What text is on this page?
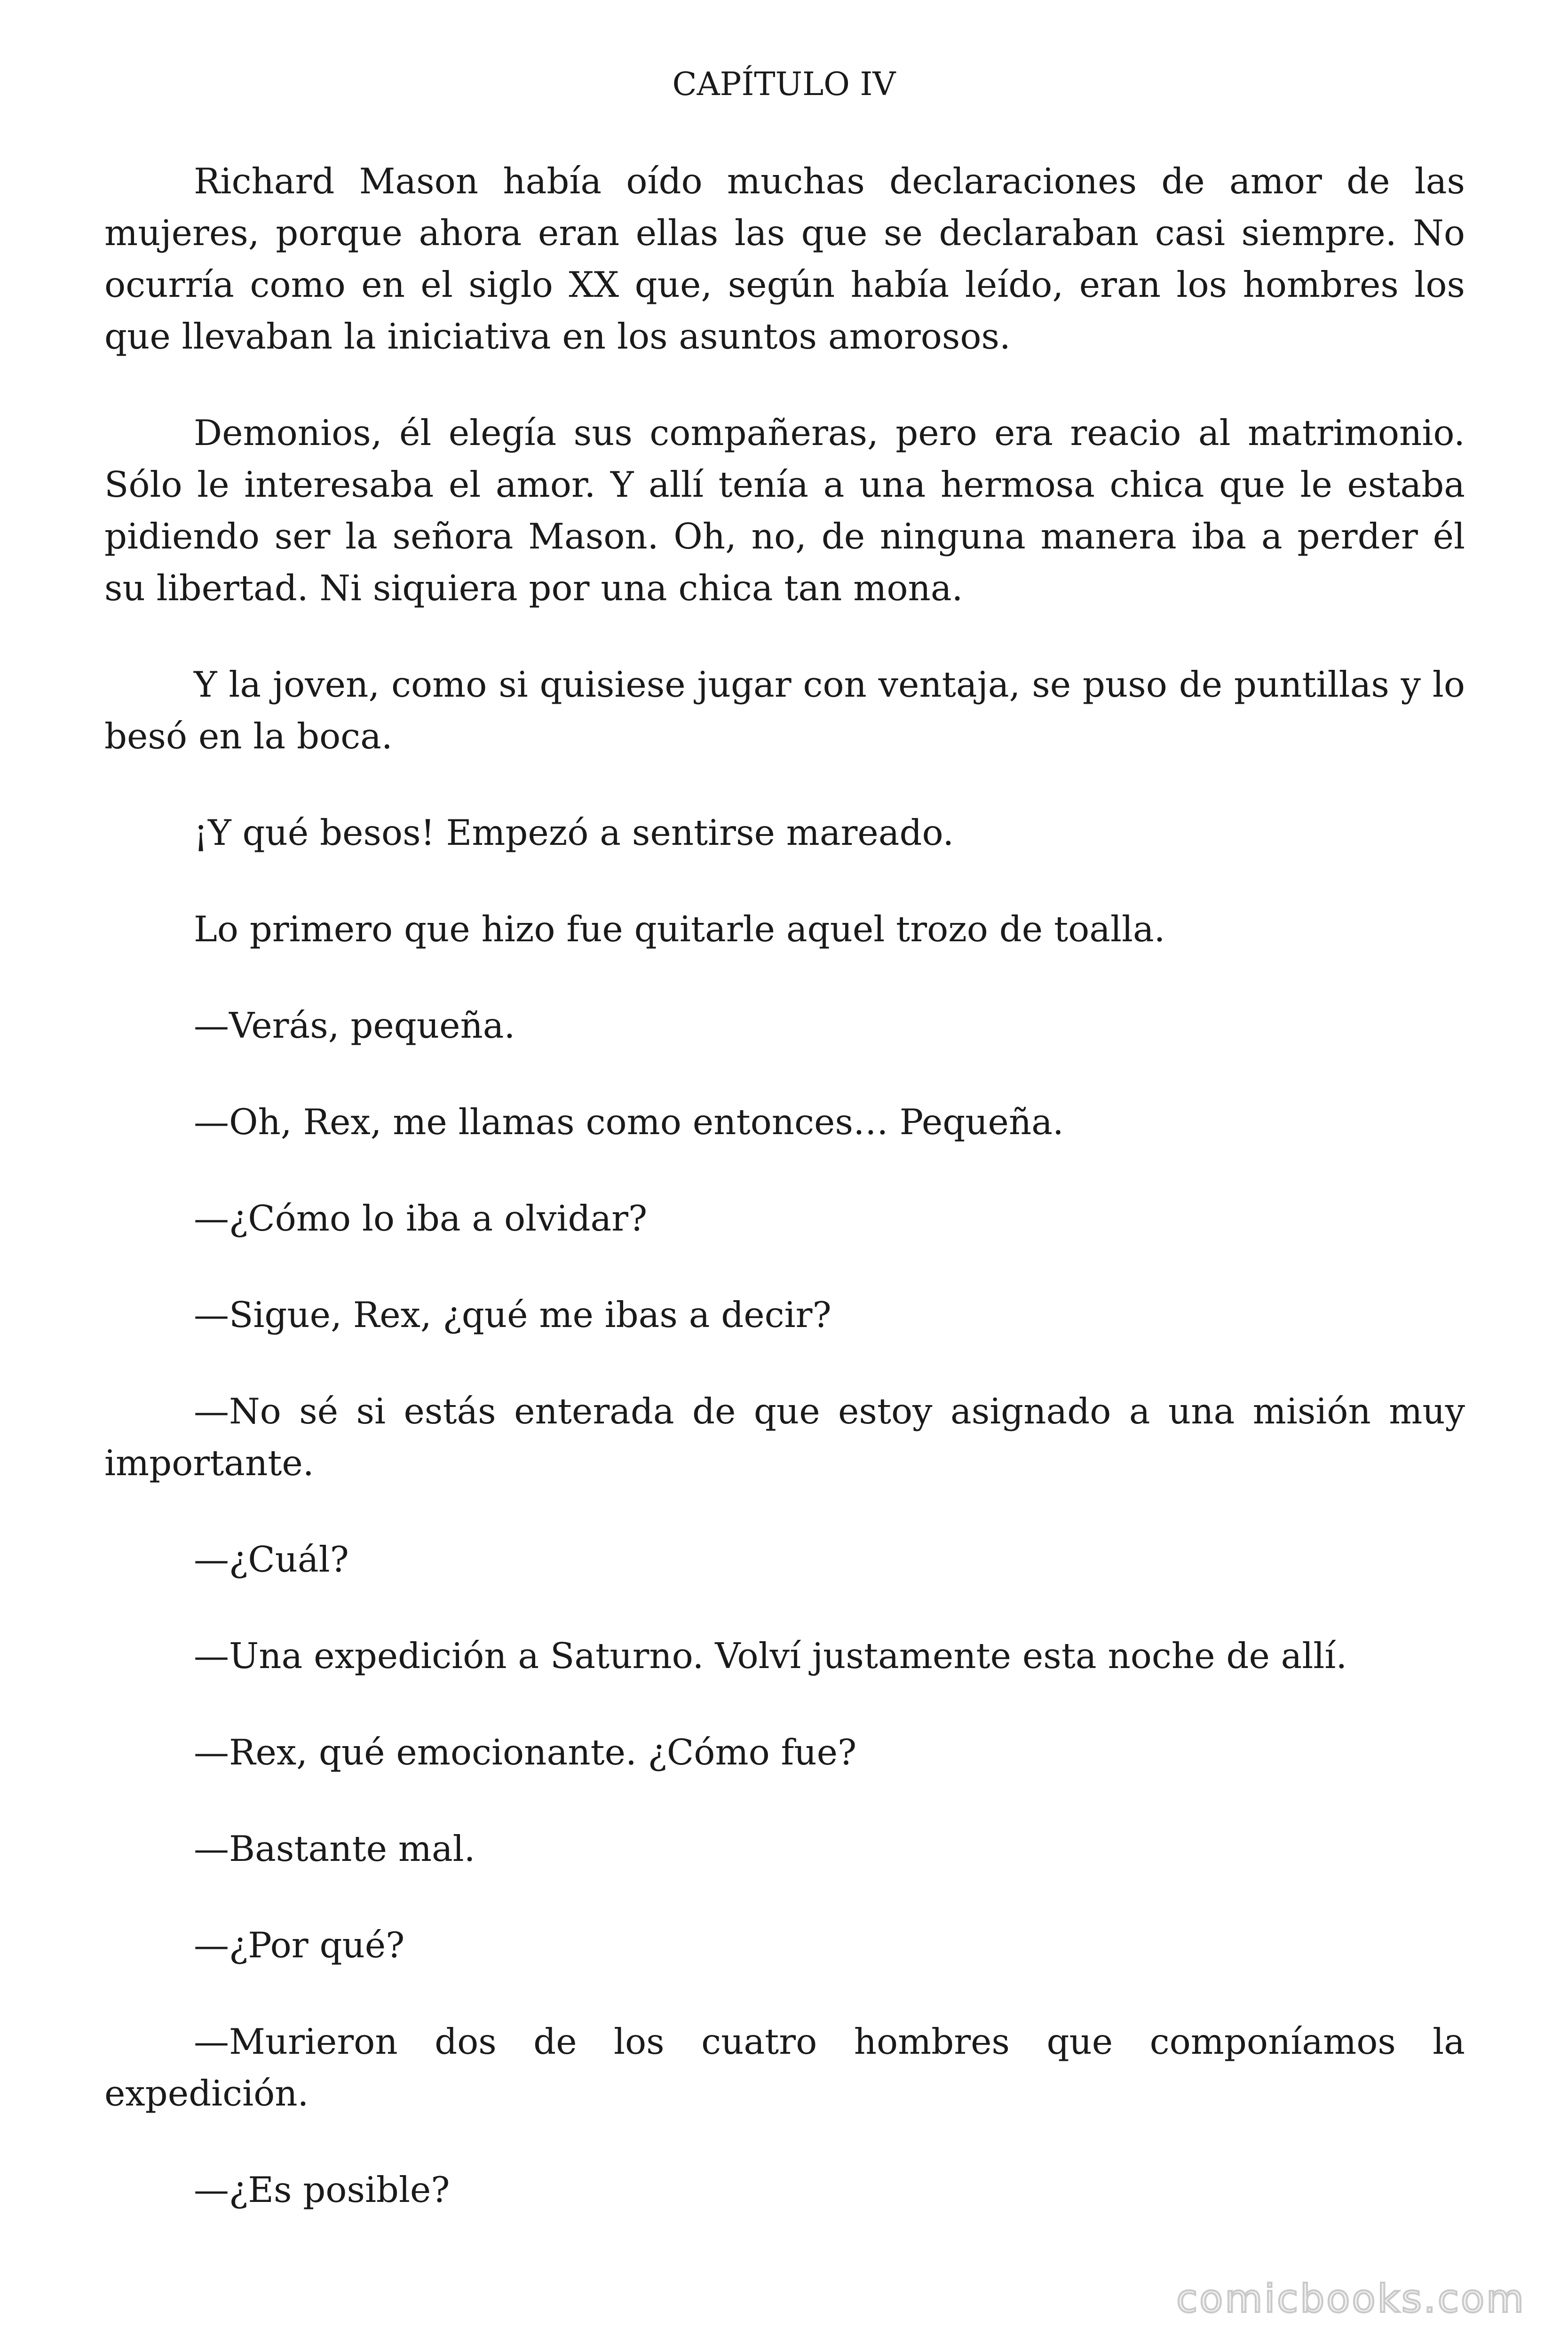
CAPÍTULO IV

Richard Mason había oído muchas declaraciones de amor de las mujeres, porque ahora eran ellas las que se declaraban casi siempre. No ocurría como en el siglo XX que, según había leído, eran los hombres los que llevaban la iniciativa en los asuntos amorosos.

Demonios, él elegía sus compañeras, pero era reacio al matrimonio. Sólo le interesaba el amor. Y allí tenía a una hermosa chica que le estaba pidiendo ser la señora Mason. Oh, no, de ninguna manera iba a perder él su libertad. Ni siquiera por una chica tan mona.

Y la joven, como si quisiese jugar con ventaja, se puso de puntillas y lo besó en la boca.

¡Y qué besos! Empezó a sentirse mareado.

Lo primero que hizo fue quitarle aquel trozo de toalla.

—Verás, pequeña.

—Oh, Rex, me llamas como entonces… Pequeña.

—¿Cómo lo iba a olvidar?

—Sigue, Rex, ¿qué me ibas a decir?

—No sé si estás enterada de que estoy asignado a una misión muy importante.

—¿Cuál?

—Una expedición a Saturno. Volví justamente esta noche de allí.

—Rex, qué emocionante. ¿Cómo fue?

—Bastante mal.

—¿Por qué?

—Murieron dos de los cuatro hombres que componíamos la expedición.

—¿Es posible?

comicbooks.com
